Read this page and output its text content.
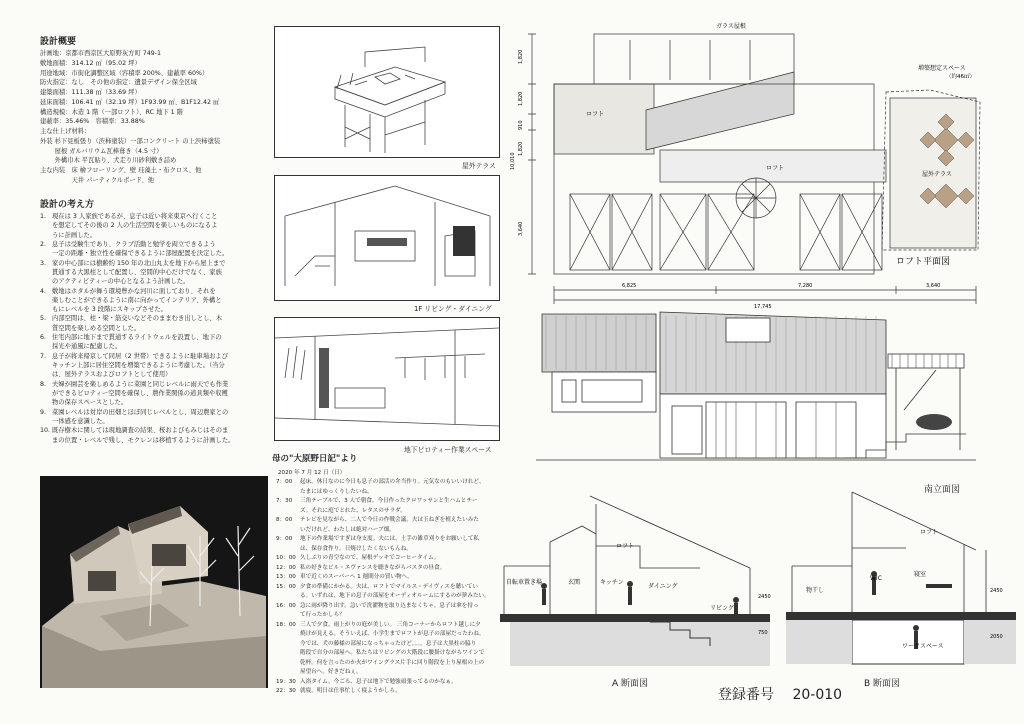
設計概要
計画地：京都市西京区大原野灰方町 749-1
敷地面積：314.12 ㎡（95.02 坪）
用途地域：市街化調整区域（容積率 200%、建蔽率 60%）
防火指定：なし　その他の指定：遺景デザイン保全区域
建築面積：111.38 ㎡（33.69 坪）
延床面積：106.41 ㎡（32.19 坪）1F93.99 ㎡、B1F12.42 ㎡
構造規模：木造 1 階（一部ロフト）、RC 地下 1 階
建蔽率：35.46%　容積率：33.88%
主な仕上げ材料：
外装 杉下見板張り（渋柿塗装）一部コンクリート の上渋柿塗装
　　 屋根 ガルバリウム瓦棒葺き（4.5 寸）
　　 外構巾木 平瓦貼り、犬走り川砂利敷き詰め
主な内装　床 檜フローリング、壁 珪藻土・布クロス、他
　　　　　天井 パーティクルボード、他
設計の考え方
1. 現在は 3 人家族であるが、息子は近い将来東京へ行くこと
を想定してその後の 2 人の生活空間を楽しいものになるよ
うに計画した。
2. 息子は受験生であり、クラブ活動と勉学を両立できるよう
一定の距離・独立性を確保できるように部屋配置を決定した。
3. 家の中心部には樹齢約 150 年の北山丸太を地下から屋上まで
貫通する大黒柱として配置し、空間的中心だけでなく、家族
のアクティビティーの中心となるよう計画した。
4. 敷地はホタルが舞う環境豊かな河川に面しており、それを
楽しむことができるように南に向かってインテリア、外構と
もにレベルを 3 段階にスキップさせた。
5. 内部空間は、柱・梁・筋交いなどそのままむき出しとし、木
質空間を楽しめる空間とした。
6. 住宅内部に地下まで貫通するライトウェルを設置し、地下の
採光や通風に配慮した。
7. 息子が将来帰京して同居（2 世帯）できるように駐車場および
キッチン上部に居住空間を増築できるように考慮した。（当分
は、屋外テラスおよびロフトとして使用）
8. 夫婦が園芸を楽しめるように菜園と同じレベルに雨天でも作業
ができるピロティー空間を確保し、農作業関係の道具類や収穫
物の保存スペースとした。
9. 菜園レベルは対岸の田畑とほぼ同じレベルとし、周辺農家との
一体感を意識した。
10. 既存樹木に関しては現地調査の結果、桜およびもみじはそのま
まの位置・レベルで残し、モクレンは移植するように計画した。
屋外テラス
1F リビング・ダイニング
地下ピロティー作業スペース
母の"大原野日記"より
2020 年 7 月 12 日（日）
7：00	起床。休日なのに今日も息子の部活の弁当作り。元気なのもいいけれど、
たまにはゆっくりしたいね。
7：30	三角テーブルで、3 人で朝食。今日作ったクロワッサンと生ハムとチー
ズ。それに庭でとれた、レタスのサラダ。
8：00	テレビを見ながら、二人で今日の作戦会議。夫は玉ねぎを植えたいみた
いだけれど、わたしは絶対ハーブ畑。
9：00	地下の作業場ですぎは身支度。夫には、土手の雑草刈りをお願いして私
は、保存食作り。日焼けしたくないもんね。
10：00 久しぶりの青空なので、屋根デッキでコーヒータイム。
12：00 私の好きなビル・エヴァンスを聴きながらパスタの昼食。
13：00 車で近くのスーパーへ 1 週間分の買い物へ。
15：00 夕食の準備にかかる。夫は、ロフトでマイルス・デイヴィスを聴いてい
る。いずれは、地下の息子の部屋をオーディオルームにするのが夢みたい。
16：00 急に雨が降り出す。急いで洗濯物を取り込まなくちゃ。息子は傘を持っ
て行ったかしら？
18：00 三人で夕食。雨上がりの庭が美しい。 三角コーナーからロフト越しに夕
焼けが見える。そういえば、小学生までロフトが息子の部屋だったわね。
今では、犬の藤様の部屋になっちゃったけど。。。。息子は大黒柱の脇り
階段で自分の部屋へ。私たちはリビングの大階段に腰掛けながらワインで
乾杯。何を言ったのか火がワイングラス片手に回り階段を上り屋根の上の
屋望台へ。好きだねぇ。
19：30 入浴タイム。今ごろ、息子は地下で勉強頑張ってるのかなぁ。
22：30 就寝。明日は仕事忙しく寝ようかしら。
ガラス屋根
増築想定スペース
（約46㎡）
ロフト
ロフト
屋外テラス
1,820
1,820
910
1,820
3,640
10,010
6,825	7,280	3,640
17,745
ロフト平面図
南立面図
ロフト
自転車置き場	玄関	キッチン
ダイニング
リビング
2450
750
A 断面図
ロフト
WIC
寝室
物干し
ワークスペース
2450
2050
B 断面図
登録番号 20-010
